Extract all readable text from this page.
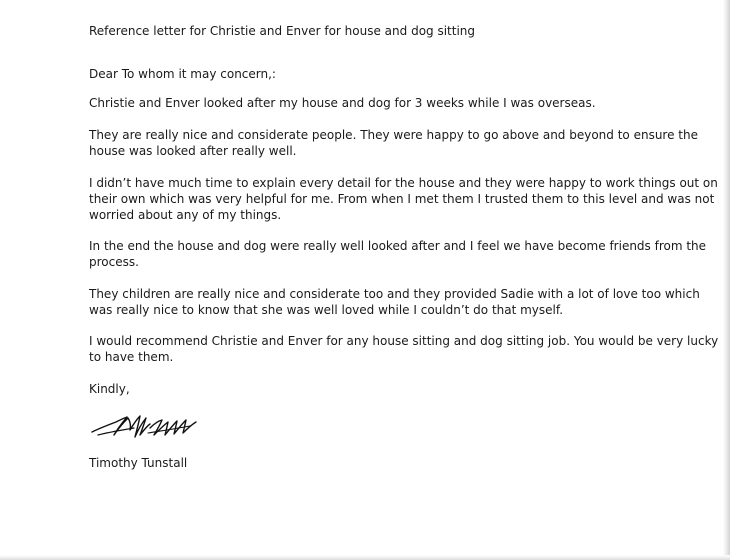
Reference letter for Christie and Enver for house and dog sitting

Dear To whom it may concern,:

Christie and Enver looked after my house and dog for 3 weeks while I was overseas.

They are really nice and considerate people. They were happy to go above and beyond to ensure the
house was looked after really well.

I didn’t have much time to explain every detail for the house and they were happy to work things out on
their own which was very helpful for me. From when I met them I trusted them to this level and was not
worried about any of my things.

In the end the house and dog were really well looked after and I feel we have become friends from the
process.

They children are really nice and considerate too and they provided Sadie with a lot of love too which
was really nice to know that she was well loved while I couldn’t do that myself.

I would recommend Christie and Enver for any house sitting and dog sitting job. You would be very lucky
to have them.

Kindly,

Timothy Tunstall
